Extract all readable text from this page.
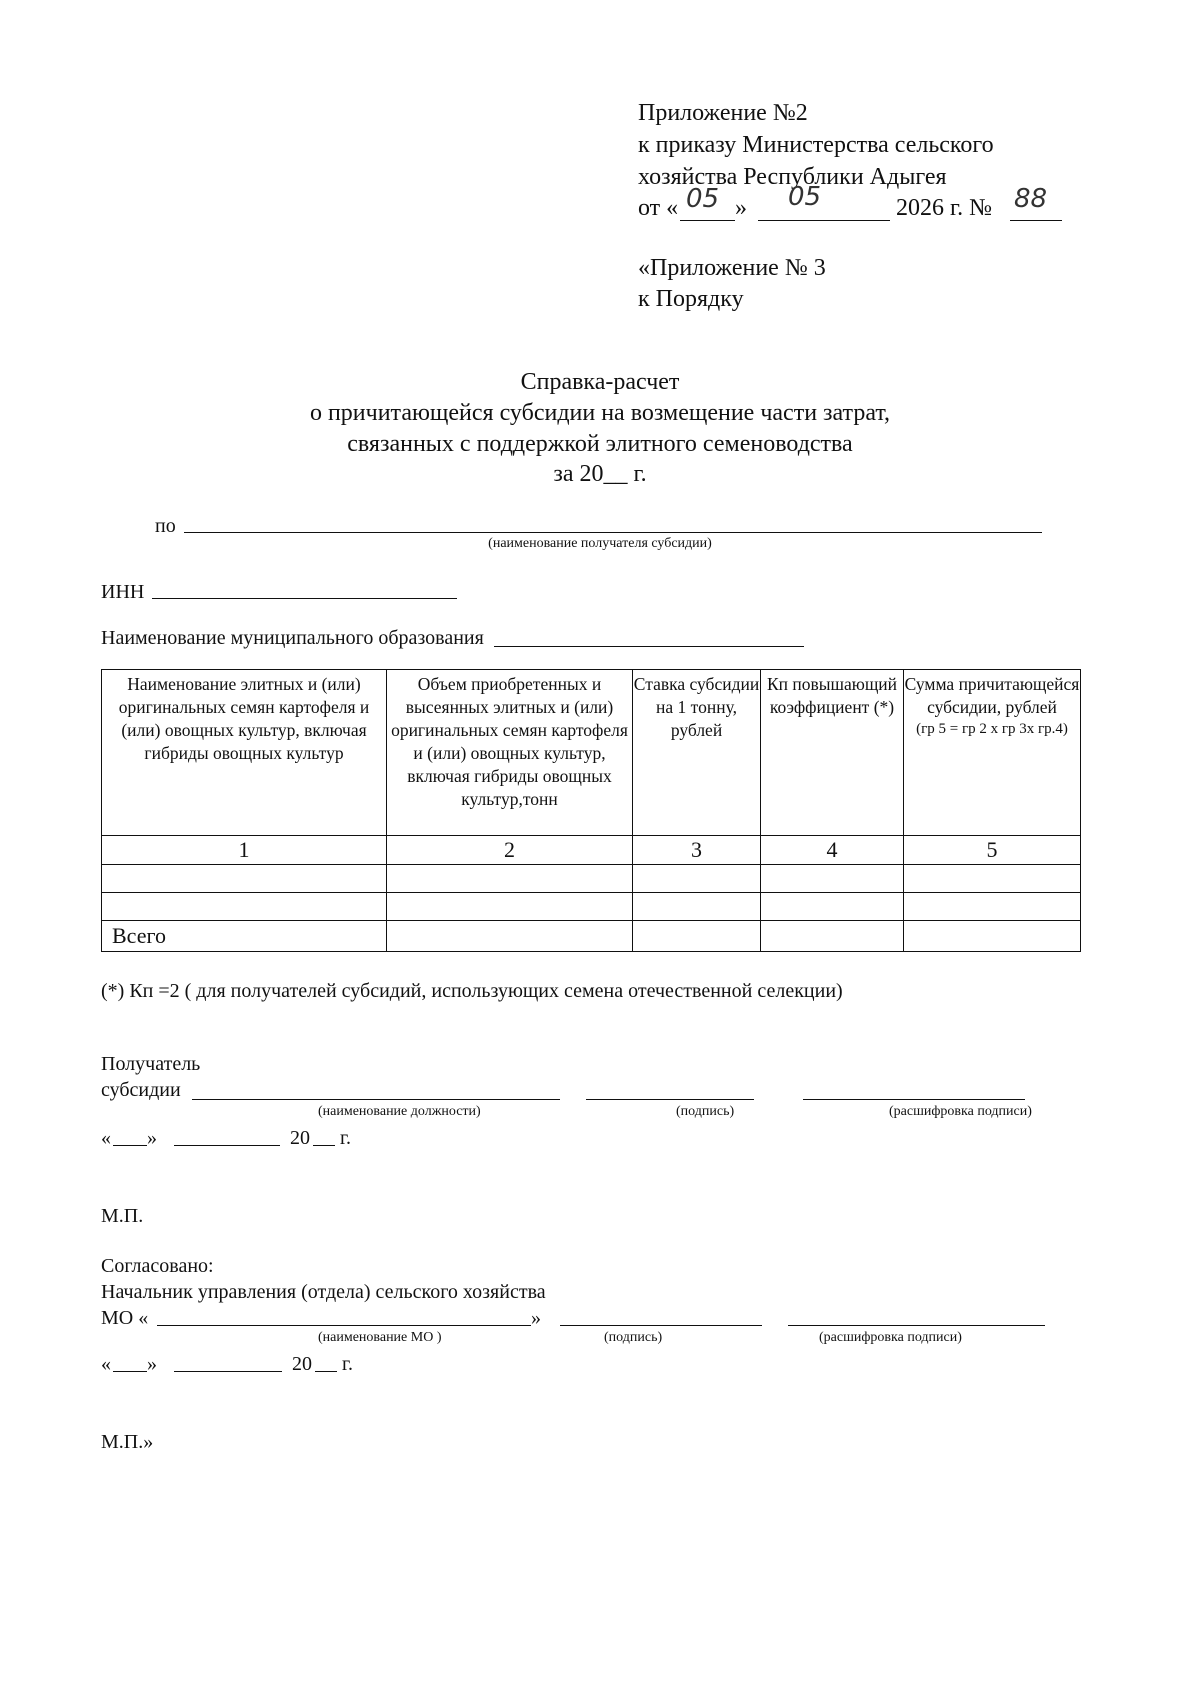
Приложение №2
к приказу Министерства сельского
хозяйства Республики Адыгея
от « 05 » 05	2026 г. № 88
«Приложение № 3
к Порядку
Справка-расчет
о причитающейся субсидии на возмещение части затрат,
связанных с поддержкой элитного семеноводства
за 20__ г.
по
(наименование получателя субсидии)
ИНН
Наименование муниципального образования
Наименование элитных и (или) оригинальных семян картофеля и (или) овощных культур, включая гибриды овощных культур	Объем приобретенных и высеянных элитных и (или) оригинальных семян картофеля и (или) овощных культур, включая гибриды овощных культур,тонн	Ставка субсидии на 1 тонну, рублей	Кп повышающий коэффициент (*)	Сумма причитающейся субсидии, рублей
(гр 5 = гр 2 х гр 3х гр.4)

1	2	3	4	5

Всего				
(*) Кп =2 ( для получателей субсидий, использующих семена отечественной селекции)
Получатель
субсидии
(наименование должности)	(подпись)	(расшифровка подписи)
« »	20 г.
М.П.
Согласовано:
Начальник управления (отдела) сельского хозяйства
МО «	»
(наименование МО )	(подпись)	(расшифровка подписи)
« »	20 г.
М.П.»
